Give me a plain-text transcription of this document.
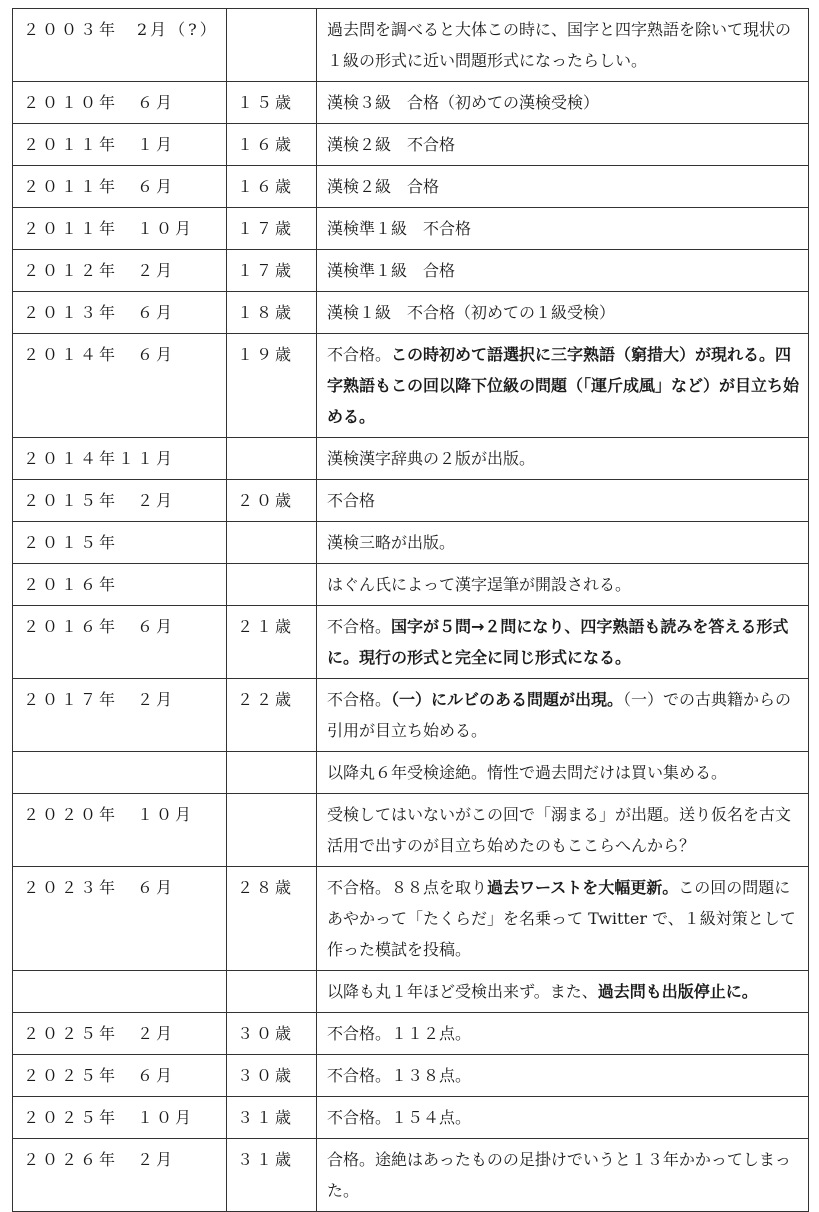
２００３年　2月（?）		過去問を調べると大体この時に、国字と四字熟語を除いて現状の１級の形式に近い問題形式になったらしい。
２０１０年　６月	１５歳	漢検３級　合格（初めての漢検受検）
２０１１年　１月	１６歳	漢検２級　不合格
２０１１年　６月	１６歳	漢検２級　合格
２０１１年　１０月	１７歳	漢検準１級　不合格
２０１２年　２月	１７歳	漢検準１級　合格
２０１３年　６月	１８歳	漢検１級　不合格（初めての１級受検）
２０１４年　６月	１９歳	不合格。この時初めて語選択に三字熟語（窮措大）が現れる。四字熟語もこの回以降下位級の問題（「運斤成風」など）が目立ち始める。
２０１４年１１月		漢検漢字辞典の２版が出版。
２０１５年　２月	２０歳	不合格
２０１５年		漢検三略が出版。
２０１６年		はぐん氏によって漢字逞筆が開設される。
２０１６年　６月	２１歳	不合格。国字が５問→２問になり、四字熟語も読みを答える形式に。現行の形式と完全に同じ形式になる。
２０１７年　２月	２２歳	不合格。（一）にルビのある問題が出現。（一）での古典籍からの引用が目立ち始める。
		以降丸６年受検途絶。惰性で過去問だけは買い集める。
２０２０年　１０月		受検してはいないがこの回で「溺まる」が出題。送り仮名を古文活用で出すのが目立ち始めたのもここらへんから？
２０２３年　６月	２８歳	不合格。８８点を取り過去ワーストを大幅更新。この回の問題にあやかって「たくらだ」を名乗って Twitter で、１級対策として作った模試を投稿。
		以降も丸１年ほど受検出来ず。また、過去問も出版停止に。
２０２５年　２月	３０歳	不合格。１１２点。
２０２５年　６月	３０歳	不合格。１３８点。
２０２５年　１０月	３１歳	不合格。１５４点。
２０２６年　２月	３１歳	合格。途絶はあったものの足掛けでいうと１３年かかってしまった。
